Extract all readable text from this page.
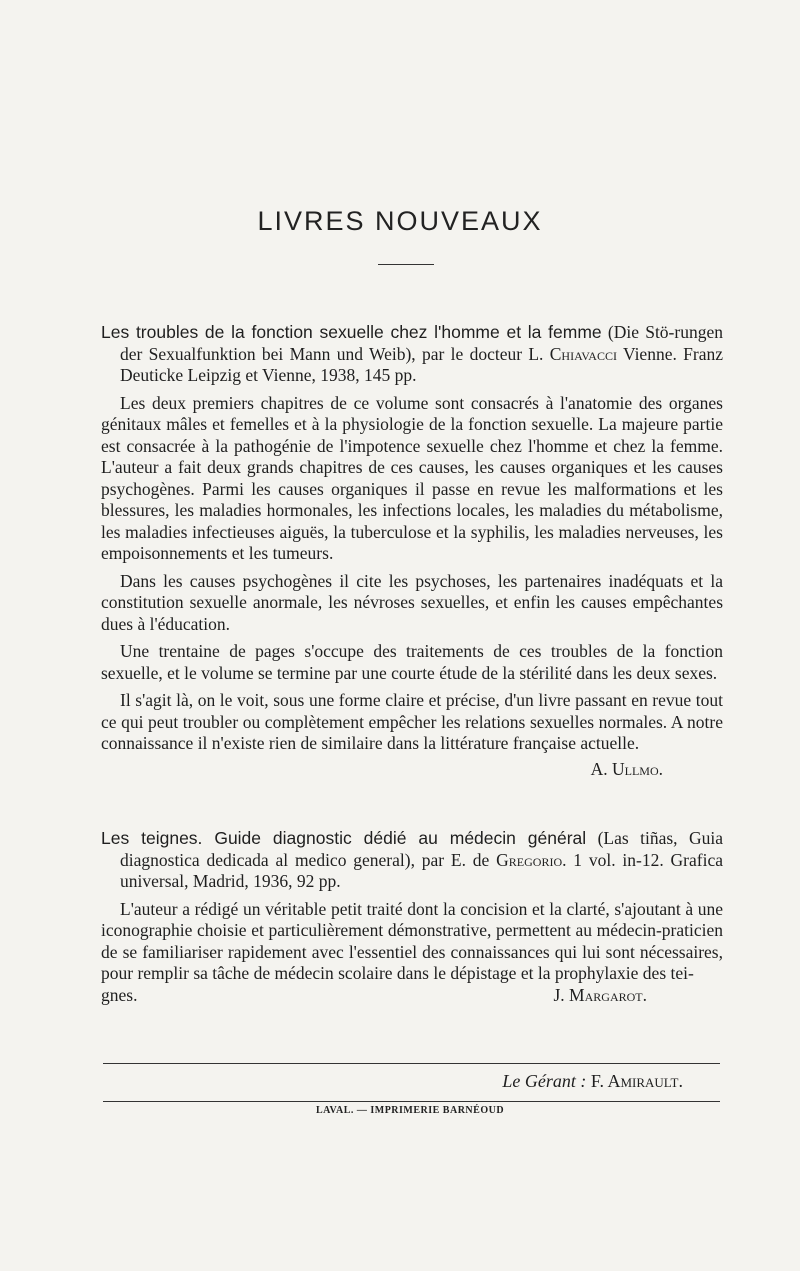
LIVRES NOUVEAUX

Les troubles de la fonction sexuelle chez l'homme et la femme (Die Stö-rungen der Sexualfunktion bei Mann und Weib), par le docteur L. Chiavacci Vienne. Franz Deuticke Leipzig et Vienne, 1938, 145 pp.

Les deux premiers chapitres de ce volume sont consacrés à l'anatomie des organes génitaux mâles et femelles et à la physiologie de la fonction sexuelle. La majeure partie est consacrée à la pathogénie de l'impotence sexuelle chez l'homme et chez la femme. L'auteur a fait deux grands chapitres de ces causes, les causes organiques et les causes psychogènes. Parmi les causes organiques il passe en revue les malformations et les blessures, les maladies hormonales, les infections locales, les maladies du métabolisme, les maladies infectieuses aiguës, la tuberculose et la syphilis, les maladies nerveuses, les empoisonnements et les tumeurs.

Dans les causes psychogènes il cite les psychoses, les partenaires inadéquats et la constitution sexuelle anormale, les névroses sexuelles, et enfin les causes empêchantes dues à l'éducation.

Une trentaine de pages s'occupe des traitements de ces troubles de la fonction sexuelle, et le volume se termine par une courte étude de la stérilité dans les deux sexes.

Il s'agit là, on le voit, sous une forme claire et précise, d'un livre passant en revue tout ce qui peut troubler ou complètement empêcher les relations sexuelles normales. A notre connaissance il n'existe rien de similaire dans la littérature française actuelle.

A. Ullmo.

Les teignes. Guide diagnostic dédié au médecin général (Las tiñas, Guia diagnostica dedicada al medico general), par E. de Gregorio. 1 vol. in-12. Grafica universal, Madrid, 1936, 92 pp.

L'auteur a rédigé un véritable petit traité dont la concision et la clarté, s'ajoutant à une iconographie choisie et particulièrement démonstrative, permettent au médecin-praticien de se familiariser rapidement avec l'essentiel des connaissances qui lui sont nécessaires, pour remplir sa tâche de médecin scolaire dans le dépistage et la prophylaxie des tei-

gnes.	J. Margarot.
Le Gérant : F. Amirault.
LAVAL. — IMPRIMERIE BARNÉOUD
